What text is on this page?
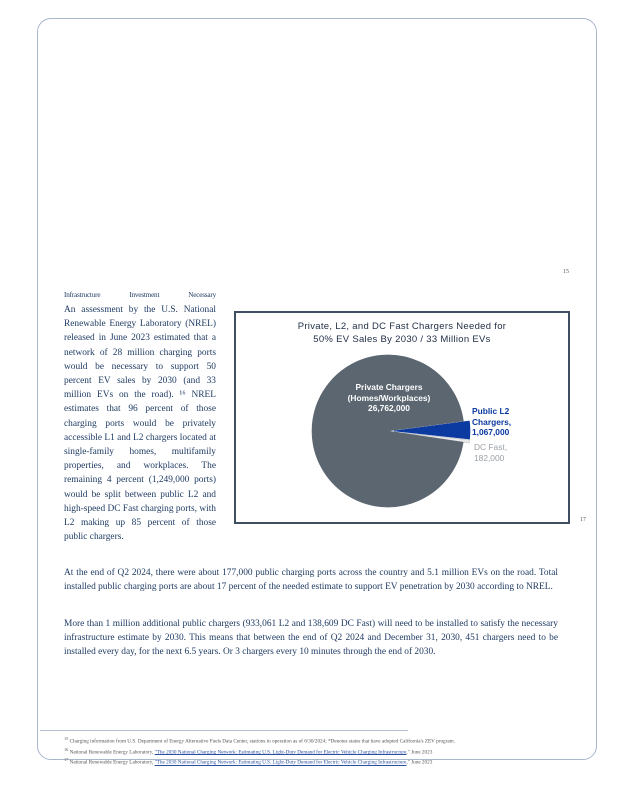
15
17
Infrastructure Investment Necessary
An assessment by the U.S. National Renewable Energy Laboratory (NREL) released in June 2023 estimated that a network of 28 million charging ports would be necessary to support 50 percent EV sales by 2030 (and 33 million EVs on the road). ¹⁶ NREL estimates that 96 percent of those charging ports would be privately accessible L1 and L2 chargers located at single-family homes, multifamily properties, and workplaces. The remaining 4 percent (1,249,000 ports) would be split between public L2 and high-speed DC Fast charging ports, with L2 making up 85 percent of those public chargers.
Private, L2, and DC Fast Chargers Needed for
50% EV Sales By 2030 / 33 Million EVs
Private Chargers
(Homes/Workplaces)
26,762,000	Public L2
Chargers,
1,067,000
DC Fast,
182,000
At the end of Q2 2024, there were about 177,000 public charging ports across the country and 5.1 million EVs on the road. Total installed public charging ports are about 17 percent of the needed estimate to support EV penetration by 2030 according to NREL.
More than 1 million additional public chargers (933,061 L2 and 138,609 DC Fast) will need to be installed to satisfy the necessary infrastructure estimate by 2030. This means that between the end of Q2 2024 and December 31, 2030, 451 chargers need to be installed every day, for the next 6.5 years. Or 3 chargers every 10 minutes through the end of 2030.
$^{15}$ Charging information from U.S. Department of Energy Alternative Fuels Data Center, stations in operation as of 6/30/2024; *Denotes states that have adopted California's ZEV program.
$^{16}$ National Renewable Energy Laboratory, "The 2030 National Charging Network: Estimating U.S. Light-Duty Demand for Electric Vehicle Charging Infrastructure," June 2023
$^{17}$ National Renewable Energy Laboratory, "The 2030 National Charging Network: Estimating U.S. Light-Duty Demand for Electric Vehicle Charging Infrastructure," June 2023
